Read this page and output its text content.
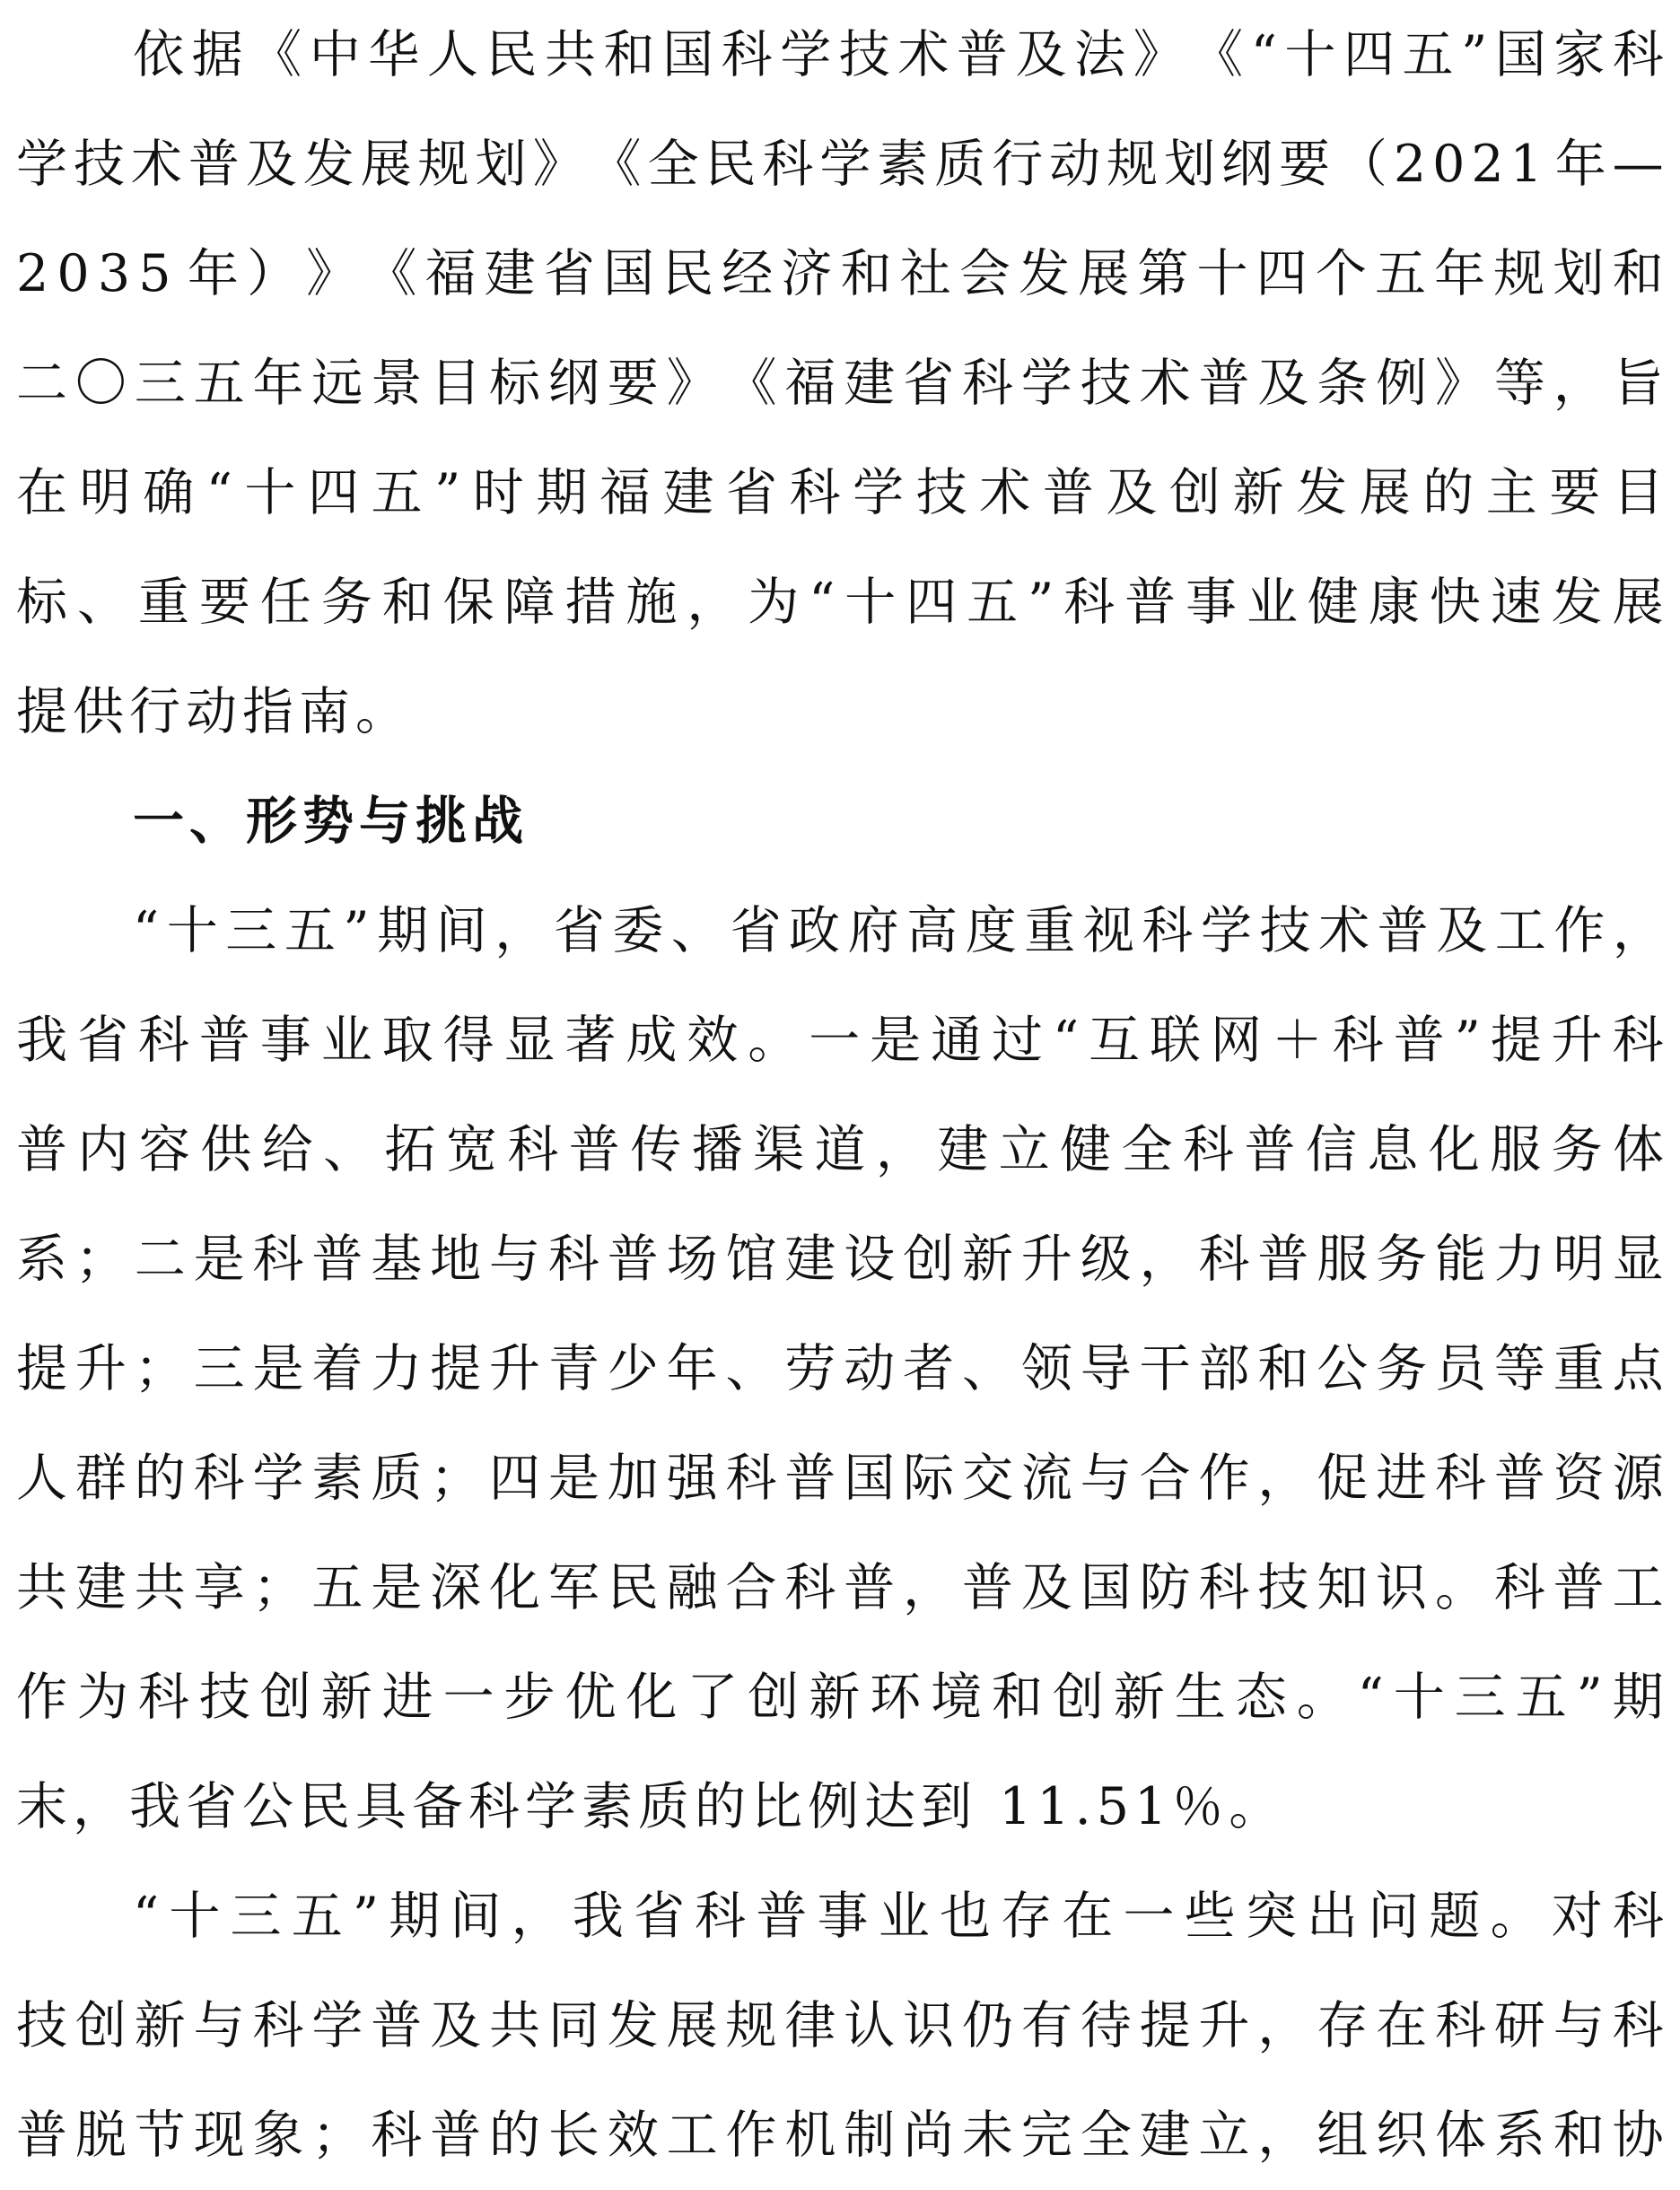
依 据 《 中 华 人 民 共 和 国 科 学 技 术 普 及 法 》 《 “ 十 四 五 ” 国 家 科
学 技 术 普 及 发 展 规 划 》 《 全 民 科 学 素 质 行 动 规 划 纲 要 （ 2 0 2 1 年 —
2 0 3 5 年 ） 》 《 福 建 省 国 民 经 济 和 社 会 发 展 第 十 四 个 五 年 规 划 和
二 〇 三 五 年 远 景 目 标 纲 要 》 《 福 建 省 科 学 技 术 普 及 条 例 》 等 ， 旨
在 明 确 “ 十 四 五 ” 时 期 福 建 省 科 学 技 术 普 及 创 新 发 展 的 主 要 目
标 、 重 要 任 务 和 保 障 措 施 ， 为 “ 十 四 五 ” 科 普 事 业 健 康 快 速 发 展
提供行动指南。
一、形势与挑战
“ 十 三 五 ” 期 间 ， 省 委 、 省 政 府 高 度 重 视 科 学 技 术 普 及 工 作 ，
我 省 科 普 事 业 取 得 显 著 成 效 。 一 是 通 过 “ 互 联 网 ＋ 科 普 ” 提 升 科
普 内 容 供 给 、 拓 宽 科 普 传 播 渠 道 ， 建 立 健 全 科 普 信 息 化 服 务 体
系 ； 二 是 科 普 基 地 与 科 普 场 馆 建 设 创 新 升 级 ， 科 普 服 务 能 力 明 显
提 升 ； 三 是 着 力 提 升 青 少 年 、 劳 动 者 、 领 导 干 部 和 公 务 员 等 重 点
人 群 的 科 学 素 质 ； 四 是 加 强 科 普 国 际 交 流 与 合 作 ， 促 进 科 普 资 源
共 建 共 享 ； 五 是 深 化 军 民 融 合 科 普 ， 普 及 国 防 科 技 知 识 。 科 普 工
作 为 科 技 创 新 进 一 步 优 化 了 创 新 环 境 和 创 新 生 态 。 “ 十 三 五 ” 期
末，我省公民具备科学素质的比例达到 11.51％。
“ 十 三 五 ” 期 间 ， 我 省 科 普 事 业 也 存 在 一 些 突 出 问 题 。 对 科
技 创 新 与 科 学 普 及 共 同 发 展 规 律 认 识 仍 有 待 提 升 ， 存 在 科 研 与 科
普 脱 节 现 象 ； 科 普 的 长 效 工 作 机 制 尚 未 完 全 建 立 ， 组 织 体 系 和 协
